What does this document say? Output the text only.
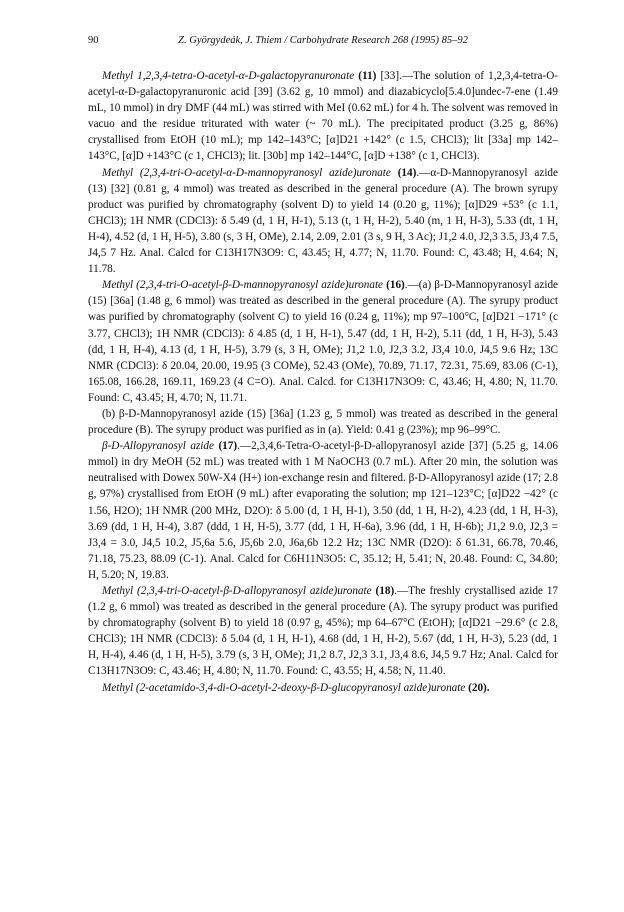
90	Z. Györgydeák, J. Thiem / Carbohydrate Research 268 (1995) 85–92

Methyl 1,2,3,4-tetra-O-acetyl-α-D-galactopyranuronate (11) [33].—The solution of 1,2,3,4-tetra-O-acetyl-α-D-galactopyranuronic acid [39] (3.62 g, 10 mmol) and diazabicyclo[5.4.0]undec-7-ene (1.49 mL, 10 mmol) in dry DMF (44 mL) was stirred with MeI (0.62 mL) for 4 h. The solvent was removed in vacuo and the residue triturated with water (~ 70 mL). The precipitated product (3.25 g, 86%) crystallised from EtOH (10 mL); mp 142–143°C; [α]D21 +142° (c 1.5, CHCl3); lit [33a] mp 142–143°C, [α]D +143°C (c 1, CHCl3); lit. [30b] mp 142–144°C, [α]D +138° (c 1, CHCl3).

Methyl (2,3,4-tri-O-acetyl-α-D-mannopyranosyl azide)uronate (14).—α-D-Mannopyranosyl azide (13) [32] (0.81 g, 4 mmol) was treated as described in the general procedure (A). The brown syrupy product was purified by chromatography (solvent D) to yield 14 (0.20 g, 11%); [α]D29 +53° (c 1.1, CHCl3); 1H NMR (CDCl3): δ 5.49 (d, 1 H, H-1), 5.13 (t, 1 H, H-2), 5.40 (m, 1 H, H-3), 5.33 (dt, 1 H, H-4), 4.52 (d, 1 H, H-5), 3.80 (s, 3 H, OMe), 2.14, 2.09, 2.01 (3 s, 9 H, 3 Ac); J1,2 4.0, J2,3 3.5, J3,4 7.5, J4,5 7 Hz. Anal. Calcd for C13H17N3O9: C, 43.45; H, 4.77; N, 11.70. Found: C, 43.48; H, 4.64; N, 11.78.

Methyl (2,3,4-tri-O-acetyl-β-D-mannopyranosyl azide)uronate (16).—(a) β-D-Mannopyranosyl azide (15) [36a] (1.48 g, 6 mmol) was treated as described in the general procedure (A). The syrupy product was purified by chromatography (solvent C) to yield 16 (0.24 g, 11%); mp 97–100°C, [α]D21 −171° (c 3.77, CHCl3); 1H NMR (CDCl3): δ 4.85 (d, 1 H, H-1), 5.47 (dd, 1 H, H-2), 5.11 (dd, 1 H, H-3), 5.43 (dd, 1 H, H-4), 4.13 (d, 1 H, H-5), 3.79 (s, 3 H, OMe); J1,2 1.0, J2,3 3.2, J3,4 10.0, J4,5 9.6 Hz; 13C NMR (CDCl3): δ 20.04, 20.00, 19.95 (3 COMe), 52.43 (OMe), 70.89, 71.17, 72.31, 75.69, 83.06 (C-1), 165.08, 166.28, 169.11, 169.23 (4 C=O). Anal. Calcd. for C13H17N3O9: C, 43.46; H, 4.80; N, 11.70. Found: C, 43.45; H, 4.70; N, 11.71.

(b) β-D-Mannopyranosyl azide (15) [36a] (1.23 g, 5 mmol) was treated as described in the general procedure (B). The syrupy product was purified as in (a). Yield: 0.41 g (23%); mp 96–99°C.

β-D-Allopyranosyl azide (17).—2,3,4,6-Tetra-O-acetyl-β-D-allopyranosyl azide [37] (5.25 g, 14.06 mmol) in dry MeOH (52 mL) was treated with 1 M NaOCH3 (0.7 mL). After 20 min, the solution was neutralised with Dowex 50W-X4 (H+) ion-exchange resin and filtered. β-D-Allopyranosyl azide (17; 2.8 g, 97%) crystallised from EtOH (9 mL) after evaporating the solution; mp 121–123°C; [α]D22 −42° (c 1.56, H2O); 1H NMR (200 MHz, D2O): δ 5.00 (d, 1 H, H-1), 3.50 (dd, 1 H, H-2), 4.23 (dd, 1 H, H-3), 3.69 (dd, 1 H, H-4), 3.87 (ddd, 1 H, H-5), 3.77 (dd, 1 H, H-6a), 3.96 (dd, 1 H, H-6b); J1,2 9.0, J2,3 = J3,4 = 3.0, J4,5 10.2, J5,6a 5.6, J5,6b 2.0, J6a,6b 12.2 Hz; 13C NMR (D2O): δ 61.31, 66.78, 70.46, 71.18, 75.23, 88.09 (C-1). Anal. Calcd for C6H11N3O5: C, 35.12; H, 5.41; N, 20.48. Found: C, 34.80; H, 5.20; N, 19.83.

Methyl (2,3,4-tri-O-acetyl-β-D-allopyranosyl azide)uronate (18).—The freshly crystallised azide 17 (1.2 g, 6 mmol) was treated as described in the general procedure (A). The syrupy product was purified by chromatography (solvent B) to yield 18 (0.97 g, 45%); mp 64–67°C (EtOH); [α]D21 −29.6° (c 2.8, CHCl3); 1H NMR (CDCl3): δ 5.04 (d, 1 H, H-1), 4.68 (dd, 1 H, H-2), 5.67 (dd, 1 H, H-3), 5.23 (dd, 1 H, H-4), 4.46 (d, 1 H, H-5), 3.79 (s, 3 H, OMe); J1,2 8.7, J2,3 3.1, J3,4 8.6, J4,5 9.7 Hz; Anal. Calcd for C13H17N3O9: C, 43.46; H, 4.80; N, 11.70. Found: C, 43.55; H, 4.58; N, 11.40.

Methyl (2-acetamido-3,4-di-O-acetyl-2-deoxy-β-D-glucopyranosyl azide)uronate (20).
